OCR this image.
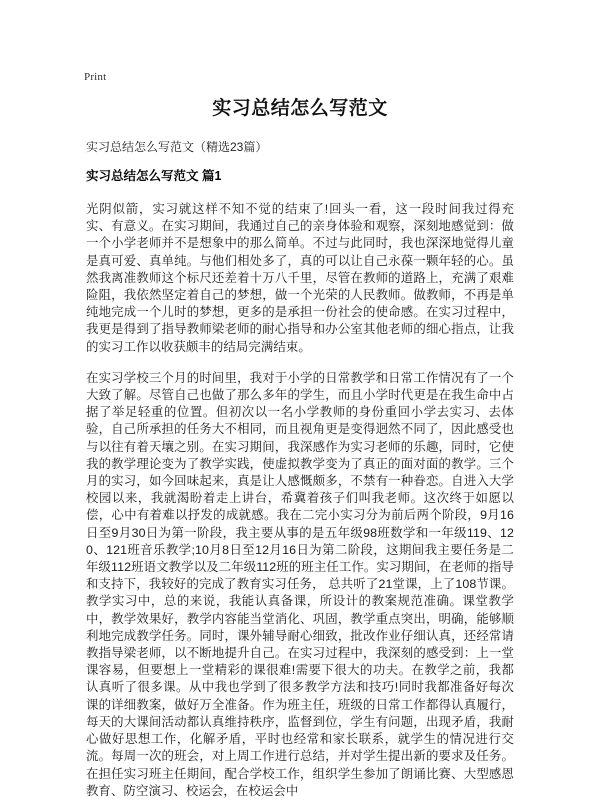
Print
实习总结怎么写范文
实习总结怎么写范文（精选23篇）
实习总结怎么写范文 篇1

光阴似箭，实习就这样不知不觉的结束了!回头一看，这一段时间我过得充实、有意义。在实习期间，我通过自己的亲身体验和观察，深刻地感觉到：做一个小学老师并不是想象中的那么简单。不过与此同时，我也深深地觉得儿童是真可爱、真单纯。与他们相处多了，真的可以让自己永葆一颗年轻的心。虽然我离准教师这个标尺还差着十万八千里，尽管在教师的道路上，充满了艰难险阻，我依然坚定着自己的梦想，做一个光荣的人民教师。做教师，不再是单纯地完成一个儿时的梦想，更多的是承担一份社会的使命感。在实习过程中，我更是得到了指导教师梁老师的耐心指导和办公室其他老师的细心指点，让我的实习工作以收获颇丰的结局完满结束。

在实习学校三个月的时间里，我对于小学的日常教学和日常工作情况有了一个大致了解。尽管自己也做了那么多年的学生，而且小学时代更是在我生命中占据了举足轻重的位置。但初次以一名小学教师的身份重回小学去实习、去体验，自己所承担的任务大不相同，而且视角更是变得迥然不同了，因此感受也与以往有着天壤之别。在实习期间，我深感作为实习老师的乐趣，同时，它使我的教学理论变为了教学实践，使虚拟教学变为了真正的面对面的教学。三个月的实习，如今回味起来，真是让人感慨颇多，不禁有一种眷恋。自进入大学校园以来，我就渴盼着走上讲台，希冀着孩子们叫我老师。这次终于如愿以偿，心中有着难以抒发的成就感。我在二完小实习分为前后两个阶段，9月16日至9月30日为第一阶段，我主要从事的是五年级98班数学和一年级119、120、121班音乐教学;10月8日至12月16日为第二阶段，这期间我主要任务是二年级112班语文教学以及二年级112班的班主任工作。实习期间，在老师的指导和支持下，我较好的完成了教育实习任务， 总共听了21堂课，上了108节课。教学实习中，总的来说，我能认真备课，所设计的教案规范准确。课堂教学中，教学效果好，教学内容能当堂消化、巩固，教学重点突出，明确，能够顺利地完成教学任务。同时，课外辅导耐心细致，批改作业仔细认真，还经常请教指导梁老师，以不断地提升自己。在实习过程中，我深刻的感受到：上一堂课容易，但要想上一堂精彩的课很难!需要下很大的功夫。在教学之前，我都认真听了很多课。从中我也学到了很多教学方法和技巧!同时我都准备好每次课的详细教案，做好万全准备。作为班主任，班级的日常工作都得认真履行，每天的大课间活动都认真维持秩序，监督到位，学生有问题，出现矛盾，我耐心做好思想工作，化解矛盾，平时也经常和家长联系，就学生的情况进行交流。每周一次的班会，对上周工作进行总结，并对学生提出新的要求及任务。在担任实习班主任期间，配合学校工作，组织学生参加了朗诵比赛、大型感恩教育、防空演习、校运会，在校运会中
